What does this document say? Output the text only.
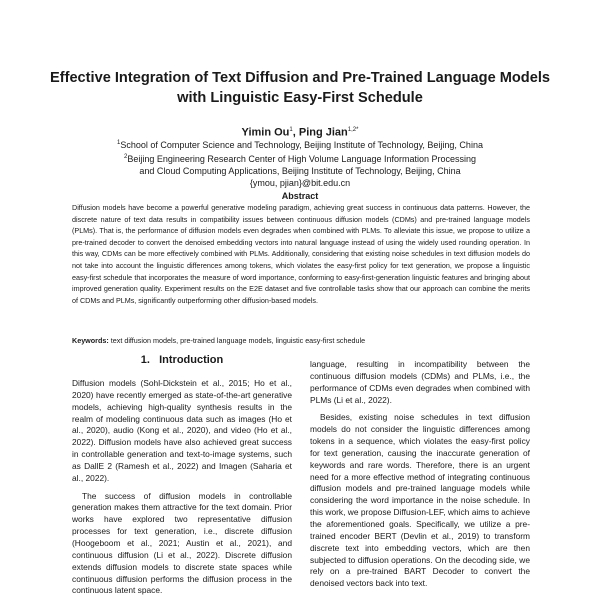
Effective Integration of Text Diffusion and Pre-Trained Language Models with Linguistic Easy-First Schedule
Yimin Ou$^1$, Ping Jian$^{1,2*}$
$^1$School of Computer Science and Technology, Beijing Institute of Technology, Beijing, China
$^2$Beijing Engineering Research Center of High Volume Language Information Processing
and Cloud Computing Applications, Beijing Institute of Technology, Beijing, China
{ymou, pjian}@bit.edu.cn
Abstract

Diffusion models have become a powerful generative modeling paradigm, achieving great success in continuous data patterns. However, the discrete nature of text data results in compatibility issues between continuous diffusion models (CDMs) and pre-trained language models (PLMs). That is, the performance of diffusion models even degrades when combined with PLMs. To alleviate this issue, we propose to utilize a pre-trained decoder to convert the denoised embedding vectors into natural language instead of using the widely used rounding operation. In this way, CDMs can be more effectively combined with PLMs. Additionally, considering that existing noise schedules in text diffusion models do not take into account the linguistic differences among tokens, which violates the easy-first policy for text generation, we propose a linguistic easy-first schedule that incorporates the measure of word importance, conforming to easy-first-generation linguistic features and bringing about improved generation quality. Experiment results on the E2E dataset and five controllable tasks show that our approach can combine the merits of CDMs and PLMs, significantly outperforming other diffusion-based models.

Keywords: text diffusion models, pre-trained language models, linguistic easy-first schedule
1. Introduction

Diffusion models (Sohl-Dickstein et al., 2015; Ho et al., 2020) have recently emerged as state-of-the-art generative models, achieving high-quality synthesis results in the realm of modeling continuous data such as images (Ho et al., 2020), audio (Kong et al., 2020), and video (Ho et al., 2022). Diffusion models have also achieved great success in controllable generation and text-to-image systems, such as DallE 2 (Ramesh et al., 2022) and Imagen (Saharia et al., 2022).

The success of diffusion models in controllable generation makes them attractive for the text domain. Prior works have explored two representative diffusion processes for text generation, i.e., discrete diffusion (Hoogeboom et al., 2021; Austin et al., 2021), and continuous diffusion (Li et al., 2022). Discrete diffusion extends diffusion models to discrete state spaces while continuous diffusion performs the diffusion process in the continuous latent space.

language, resulting in incompatibility between the continuous diffusion models (CDMs) and PLMs, i.e., the performance of CDMs even degrades when combined with PLMs (Li et al., 2022).

Besides, existing noise schedules in text diffusion models do not consider the linguistic differences among tokens in a sequence, which violates the easy-first policy for text generation, causing the inaccurate generation of keywords and rare words. Therefore, there is an urgent need for a more effective method of integrating continuous diffusion models and pre-trained language models while considering the word importance in the noise schedule. In this work, we propose Diffusion-LEF, which aims to achieve the aforementioned goals. Specifically, we utilize a pre-trained encoder BERT (Devlin et al., 2019) to transform discrete text into embedding vectors, which are then subjected to diffusion operations. On the decoding side, we rely on a pre-trained BART Decoder to convert the denoised vectors back into text.
